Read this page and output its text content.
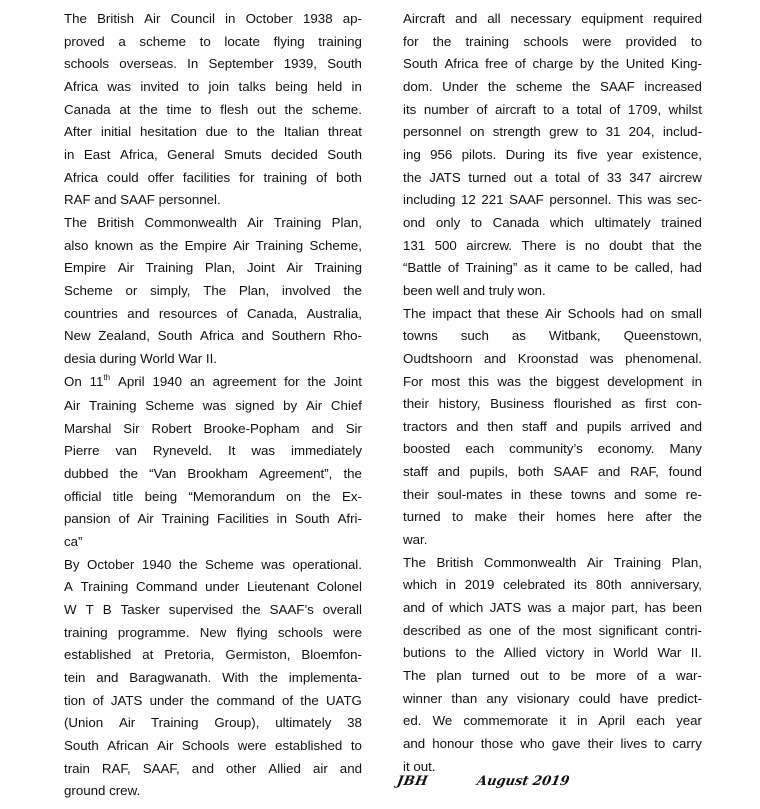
The British Air Council in October 1938 ap-
proved a scheme to locate flying training
schools overseas. In September 1939, South
Africa was invited to join talks being held in
Canada at the time to flesh out the scheme.
After initial hesitation due to the Italian threat
in East Africa, General Smuts decided South
Africa could offer facilities for training of both
RAF and SAAF personnel.
The British Commonwealth Air Training Plan,
also known as the Empire Air Training Scheme,
Empire Air Training Plan, Joint Air Training
Scheme or simply, The Plan, involved the
countries and resources of Canada, Australia,
New Zealand, South Africa and Southern Rho-
desia during World War II.
On 11th April 1940 an agreement for the Joint
Air Training Scheme was signed by Air Chief
Marshal Sir Robert Brooke-Popham and Sir
Pierre van Ryneveld. It was immediately
dubbed the “Van Brookham Agreement”, the
official title being “Memorandum on the Ex-
pansion of Air Training Facilities in South Afri-
ca”
By October 1940 the Scheme was operational.
A Training Command under Lieutenant Colonel
W T B Tasker supervised the SAAF’s overall
training programme. New flying schools were
established at Pretoria, Germiston, Bloemfon-
tein and Baragwanath. With the implementa-
tion of JATS under the command of the UATG
(Union Air Training Group), ultimately 38
South African Air Schools were established to
train RAF, SAAF, and other Allied air and
ground crew.
Aircraft and all necessary equipment required
for the training schools were provided to
South Africa free of charge by the United King-
dom. Under the scheme the SAAF increased
its number of aircraft to a total of 1709, whilst
personnel on strength grew to 31 204, includ-
ing 956 pilots. During its five year existence,
the JATS turned out a total of 33 347 aircrew
including 12 221 SAAF personnel. This was sec-
ond only to Canada which ultimately trained
131 500 aircrew. There is no doubt that the
“Battle of Training” as it came to be called, had
been well and truly won.
The impact that these Air Schools had on small
towns such as Witbank, Queenstown,
Oudtshoorn and Kroonstad was phenomenal.
For most this was the biggest development in
their history, Business flourished as first con-
tractors and then staff and pupils arrived and
boosted each community’s economy. Many
staff and pupils, both SAAF and RAF, found
their soul-mates in these towns and some re-
turned to make their homes here after the
war.
The British Commonwealth Air Training Plan,
which in 2019 celebrated its 80th anniversary,
and of which JATS was a major part, has been
described as one of the most significant contri-
butions to the Allied victory in World War II.
The plan turned out to be more of a war-
winner than any visionary could have predict-
ed. We commemorate it in April each year
and honour those who gave their lives to carry
it out.
JBH	August 2019
